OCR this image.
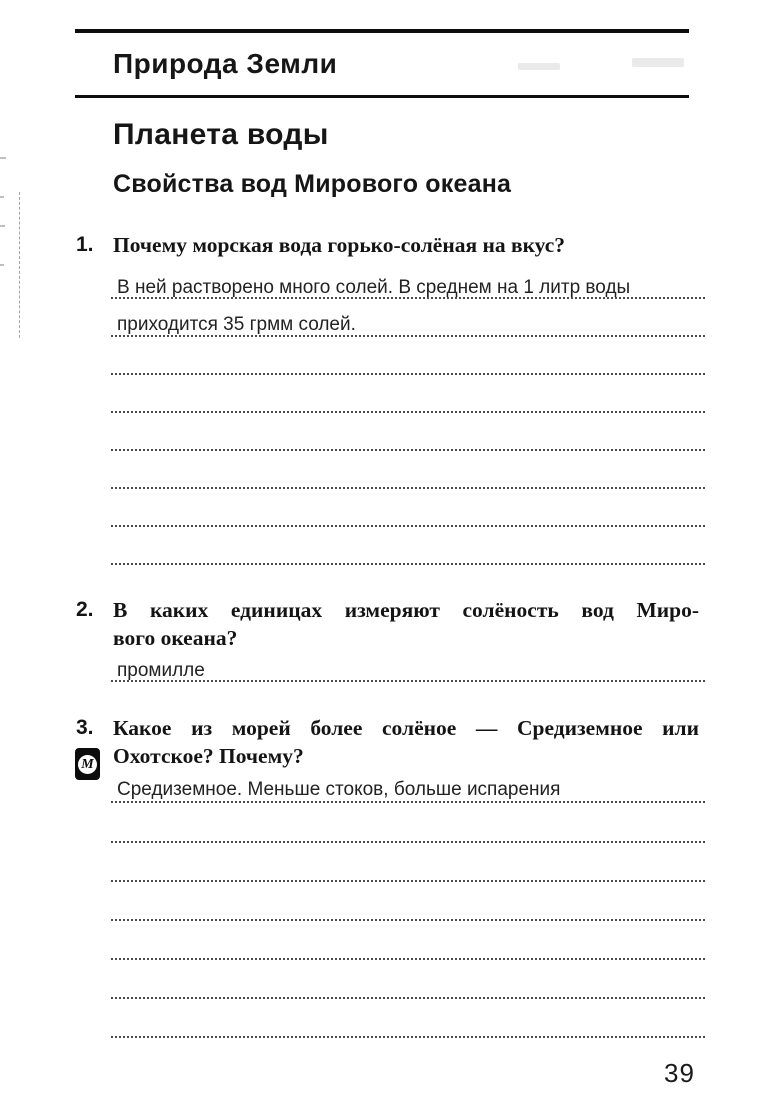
Природа Земли
Планета воды
Свойства вод Мирового океана
1. Почему морская вода горько-солёная на вкус?
В ней растворено много солей. В среднем на 1 литр воды
приходится 35 грмм солей.
2. В каких единицах измеряют солёность вод Миро-
вого океана?
промилле
3.
М
Какое из морей более солёное — Средиземное или
Охотское? Почему?
Средиземное. Меньше стоков, больше испарения
39
